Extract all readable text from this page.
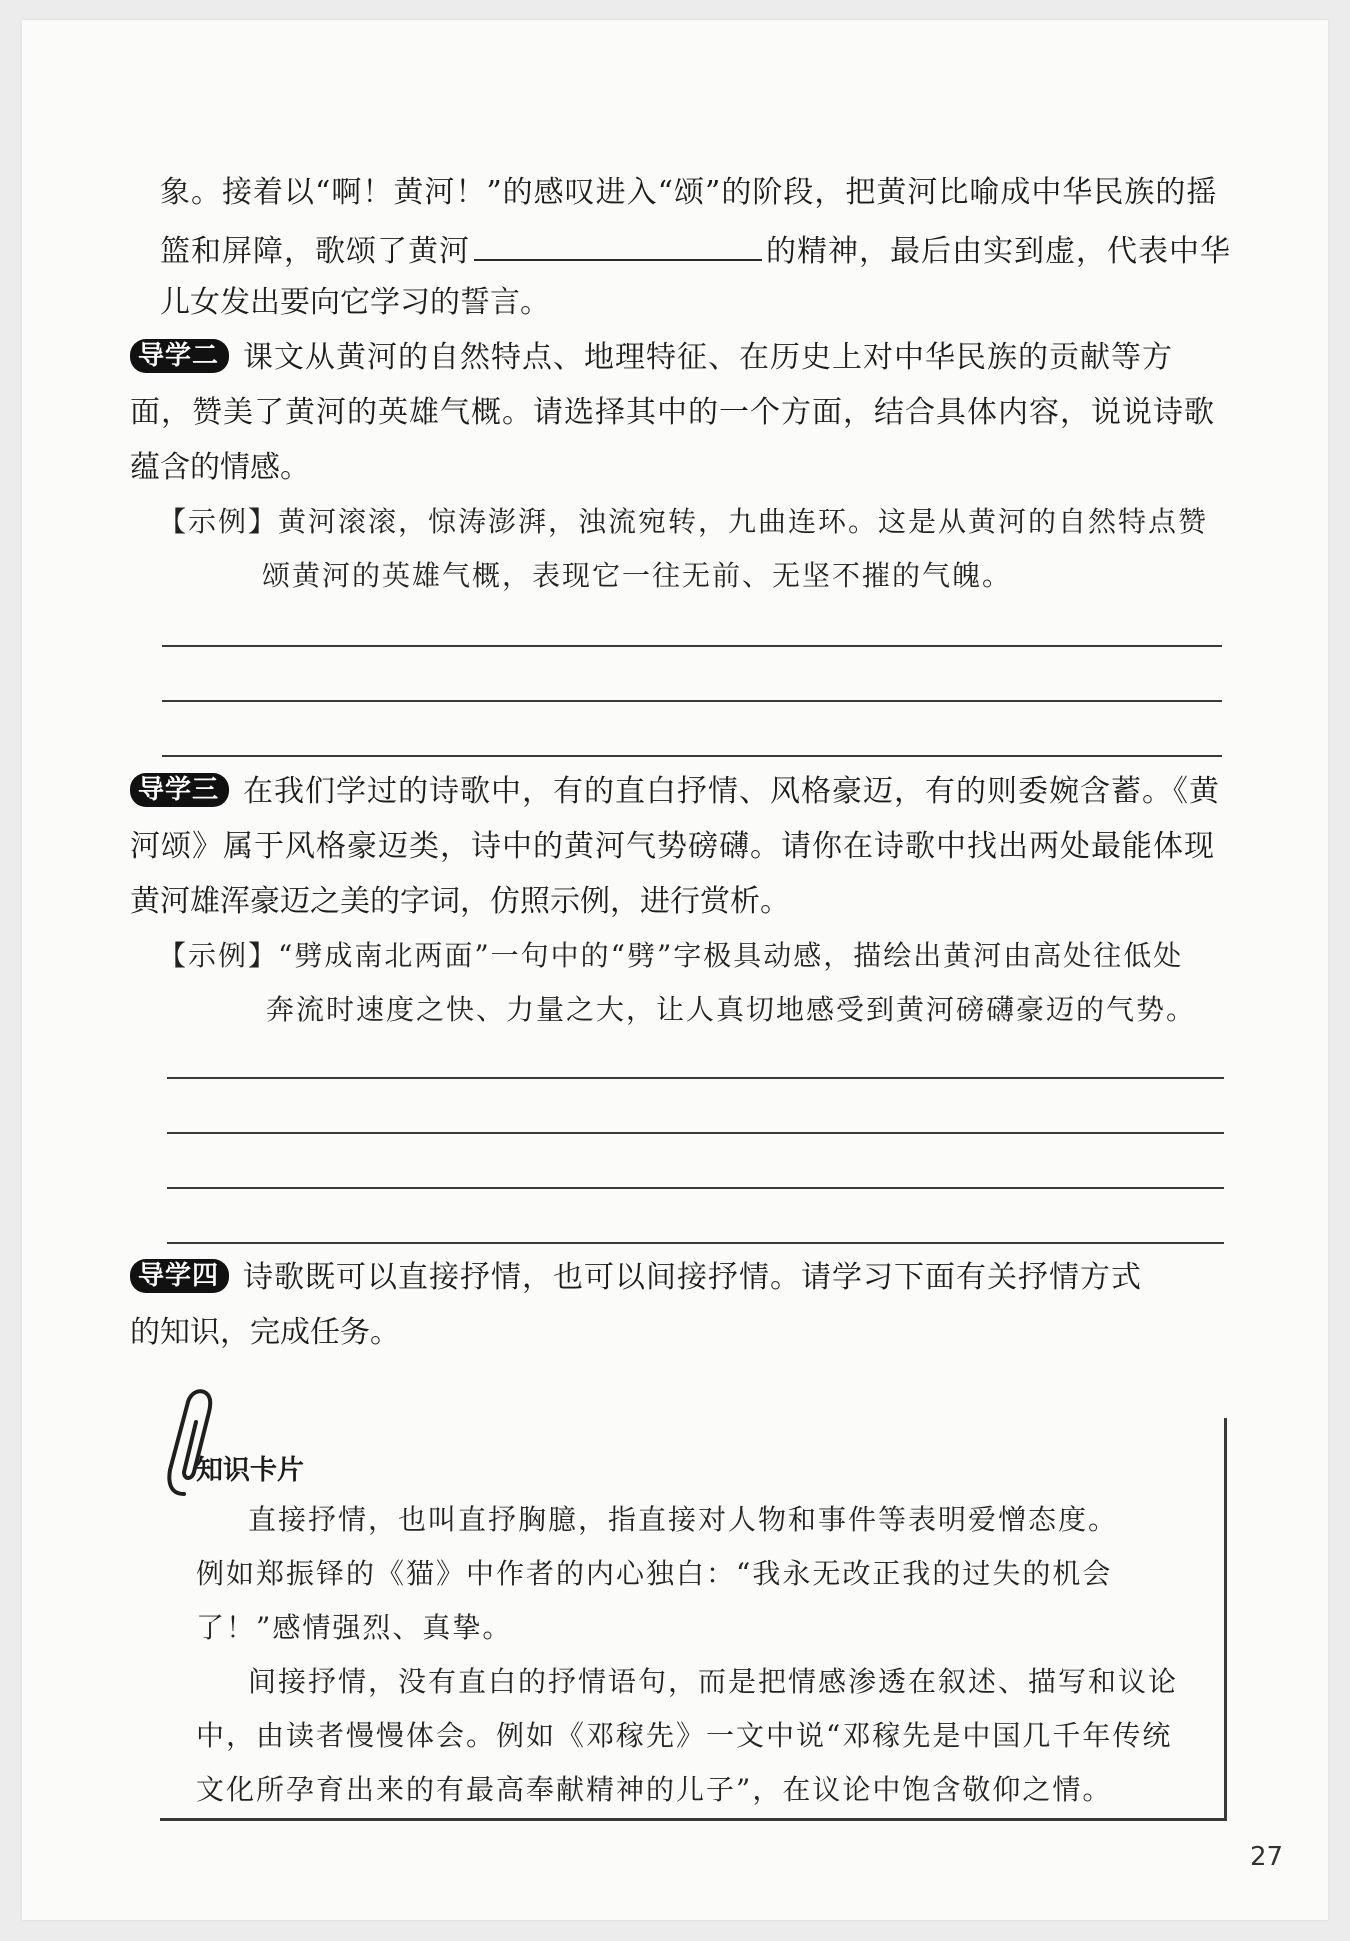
象。接着以“啊！黄河！”的感叹进入“颂”的阶段，把黄河比喻成中华民族的摇
篮和屏障，歌颂了黄河	的精神，最后由实到虚，代表中华
儿女发出要向它学习的誓言。
导学二 课文从黄河的自然特点、地理特征、在历史上对中华民族的贡献等方
面，赞美了黄河的英雄气概。请选择其中的一个方面，结合具体内容，说说诗歌
蕴含的情感。
【示例】黄河滚滚，惊涛澎湃，浊流宛转，九曲连环。这是从黄河的自然特点赞
颂黄河的英雄气概，表现它一往无前、无坚不摧的气魄。
导学三 在我们学过的诗歌中，有的直白抒情、风格豪迈，有的则委婉含蓄。《黄
河颂》属于风格豪迈类，诗中的黄河气势磅礴。请你在诗歌中找出两处最能体现
黄河雄浑豪迈之美的字词，仿照示例，进行赏析。
【示例】“劈成南北两面”一句中的“劈”字极具动感，描绘出黄河由高处往低处
奔流时速度之快、力量之大，让人真切地感受到黄河磅礴豪迈的气势。
导学四 诗歌既可以直接抒情，也可以间接抒情。请学习下面有关抒情方式
的知识，完成任务。
知识卡片
直接抒情，也叫直抒胸臆，指直接对人物和事件等表明爱憎态度。
例如郑振铎的《猫》中作者的内心独白：“我永无改正我的过失的机会
了！”感情强烈、真挚。
间接抒情，没有直白的抒情语句，而是把情感渗透在叙述、描写和议论
中，由读者慢慢体会。例如《邓稼先》一文中说“邓稼先是中国几千年传统
文化所孕育出来的有最高奉献精神的儿子”，在议论中饱含敬仰之情。
27
